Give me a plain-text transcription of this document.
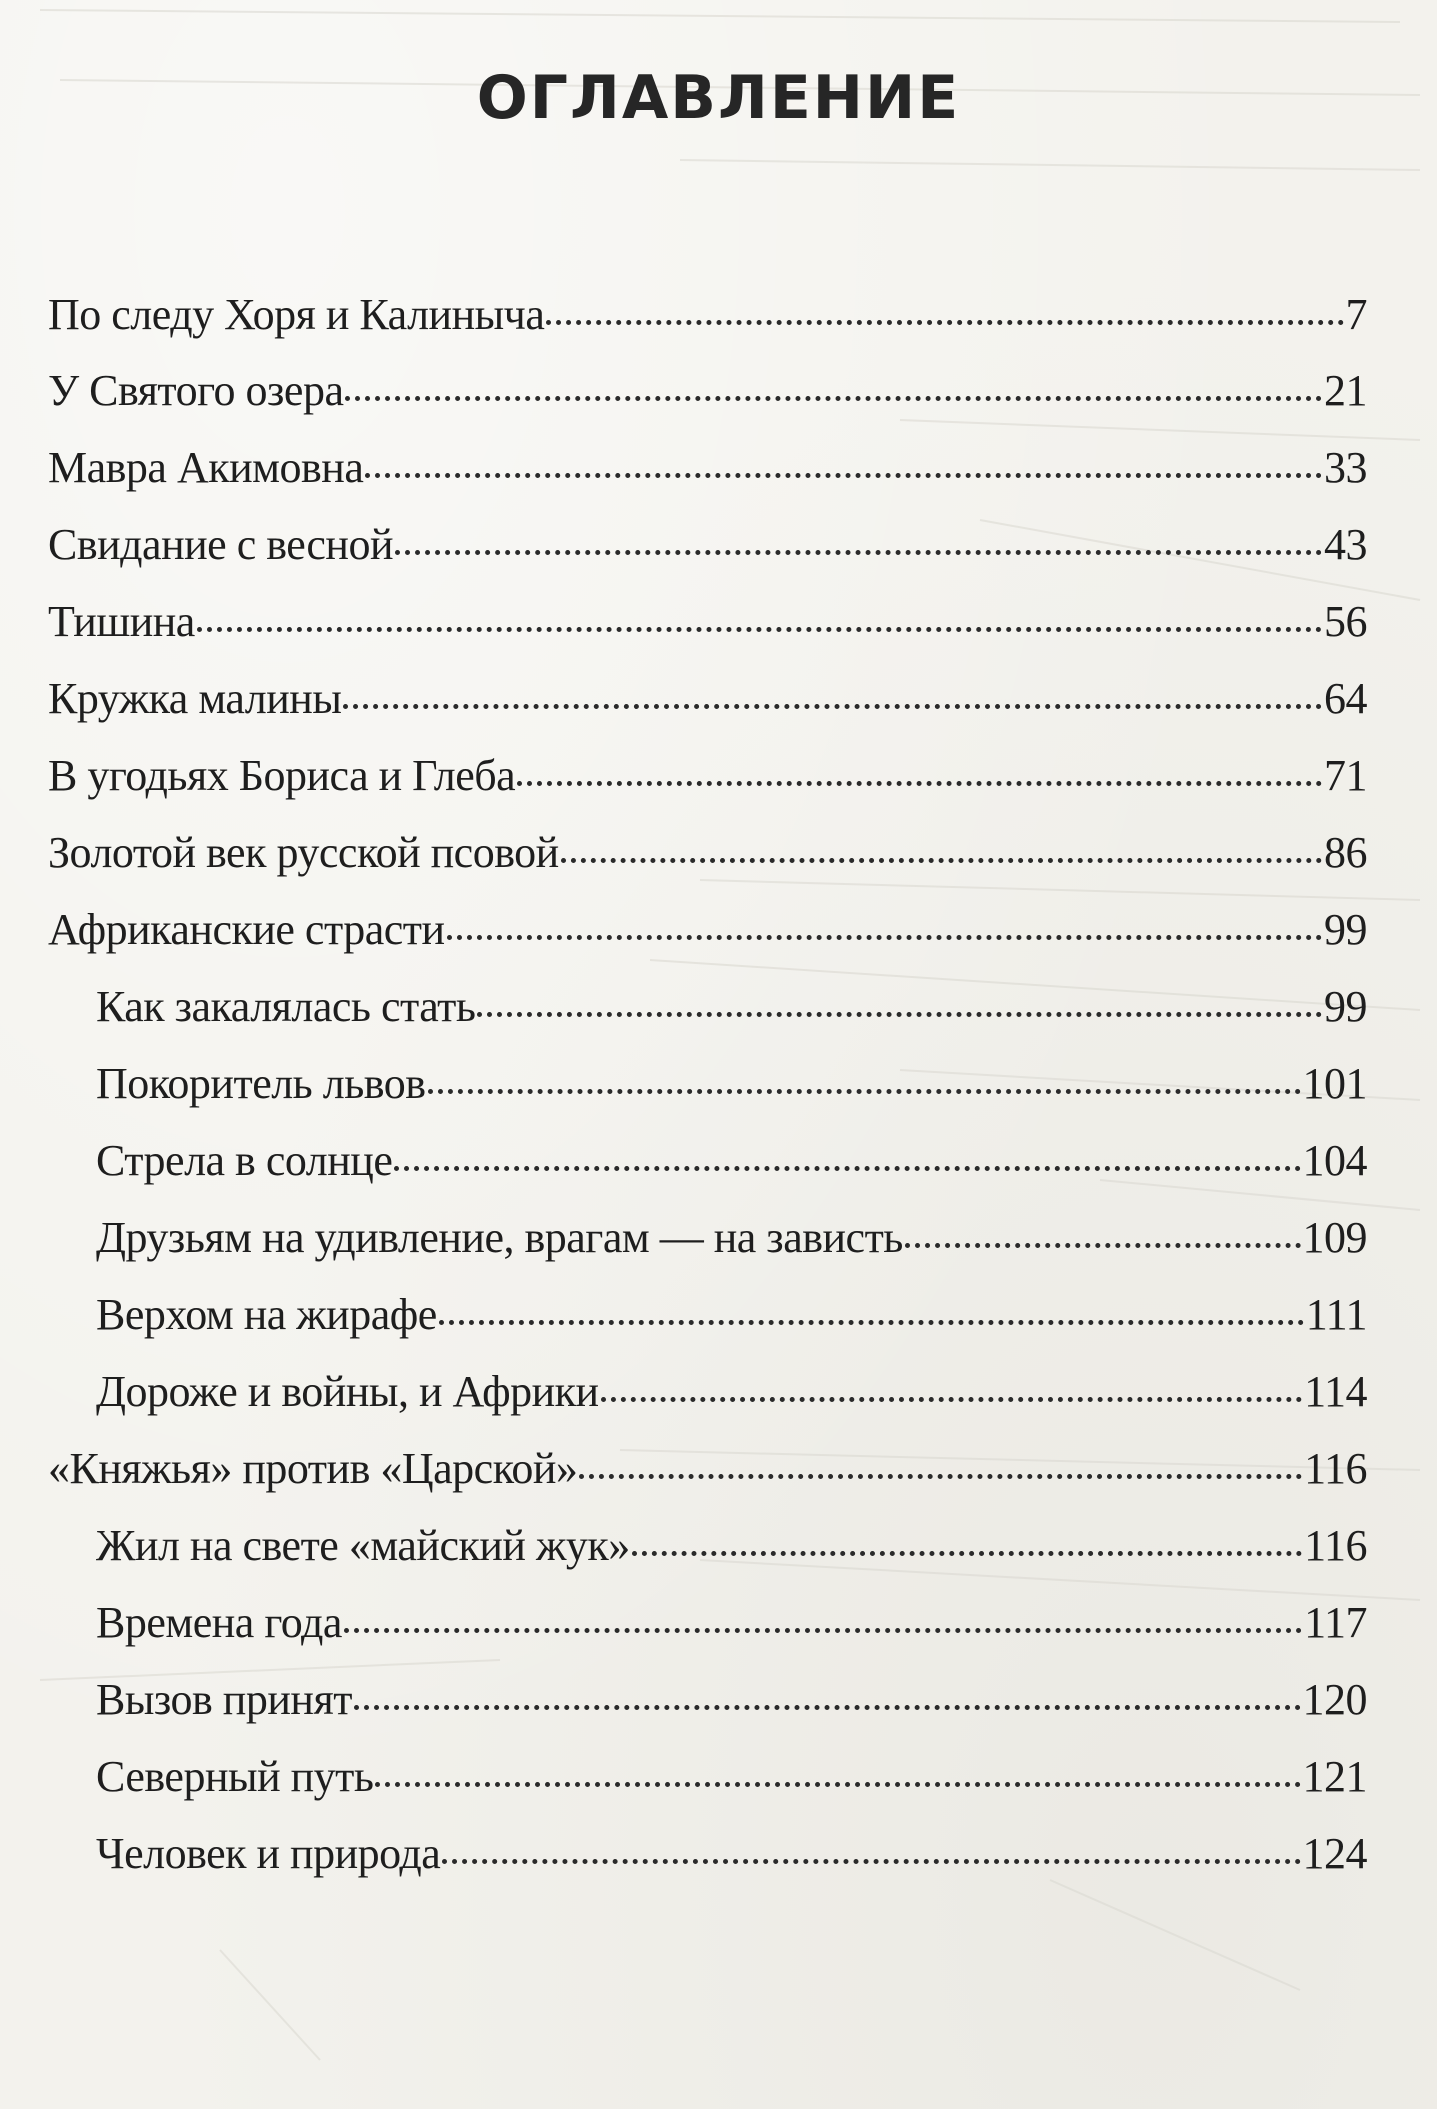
ОГЛАВЛЕНИЕ
По следу Хоря и Калиныча	7
У Святого озера	21
Мавра Акимовна	33
Свидание с весной	43
Тишина	56
Кружка малины	64
В угодьях Бориса и Глеба	71
Золотой век русской псовой	86
Африканские страсти	99
Как закалялась стать	99
Покоритель львов	101
Стрела в солнце	104
Друзьям на удивление, врагам — на зависть	109
Верхом на жирафе	111
Дороже и войны, и Африки	114
«Княжья» против «Царской»	116
Жил на свете «майский жук»	116
Времена года	117
Вызов принят	120
Северный путь	121
Человек и природа	124
